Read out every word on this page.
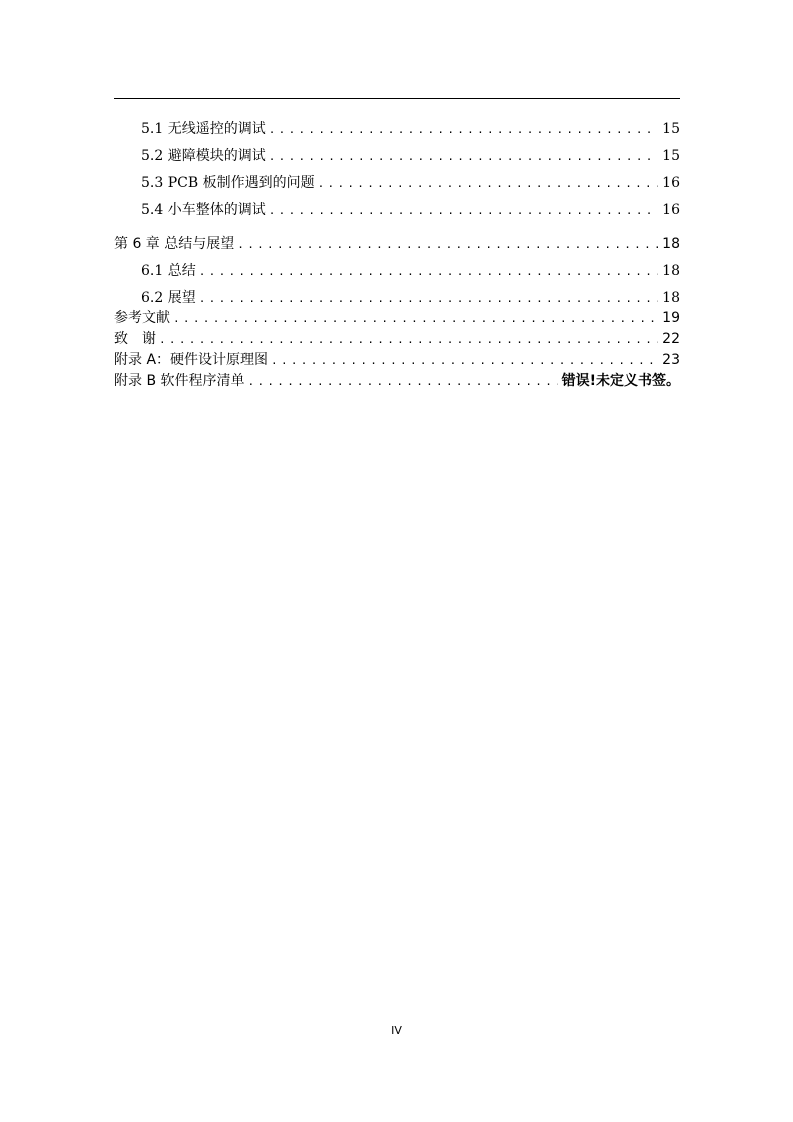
5.1 无线遥控的调试 .....	15
5.2 避障模块的调试 .....	15
5.3 PCB 板制作遇到的问题 .....	16
5.4 小车整体的调试 .....	16
第 6 章 总结与展望 .....	18
6.1 总结 .....	18
6.2 展望 .....	18
参考文献 .....	19
致　谢 .....	22
附录 A：硬件设计原理图 .....	23
附录 B 软件程序清单 .....	错误!未定义书签。
IV
